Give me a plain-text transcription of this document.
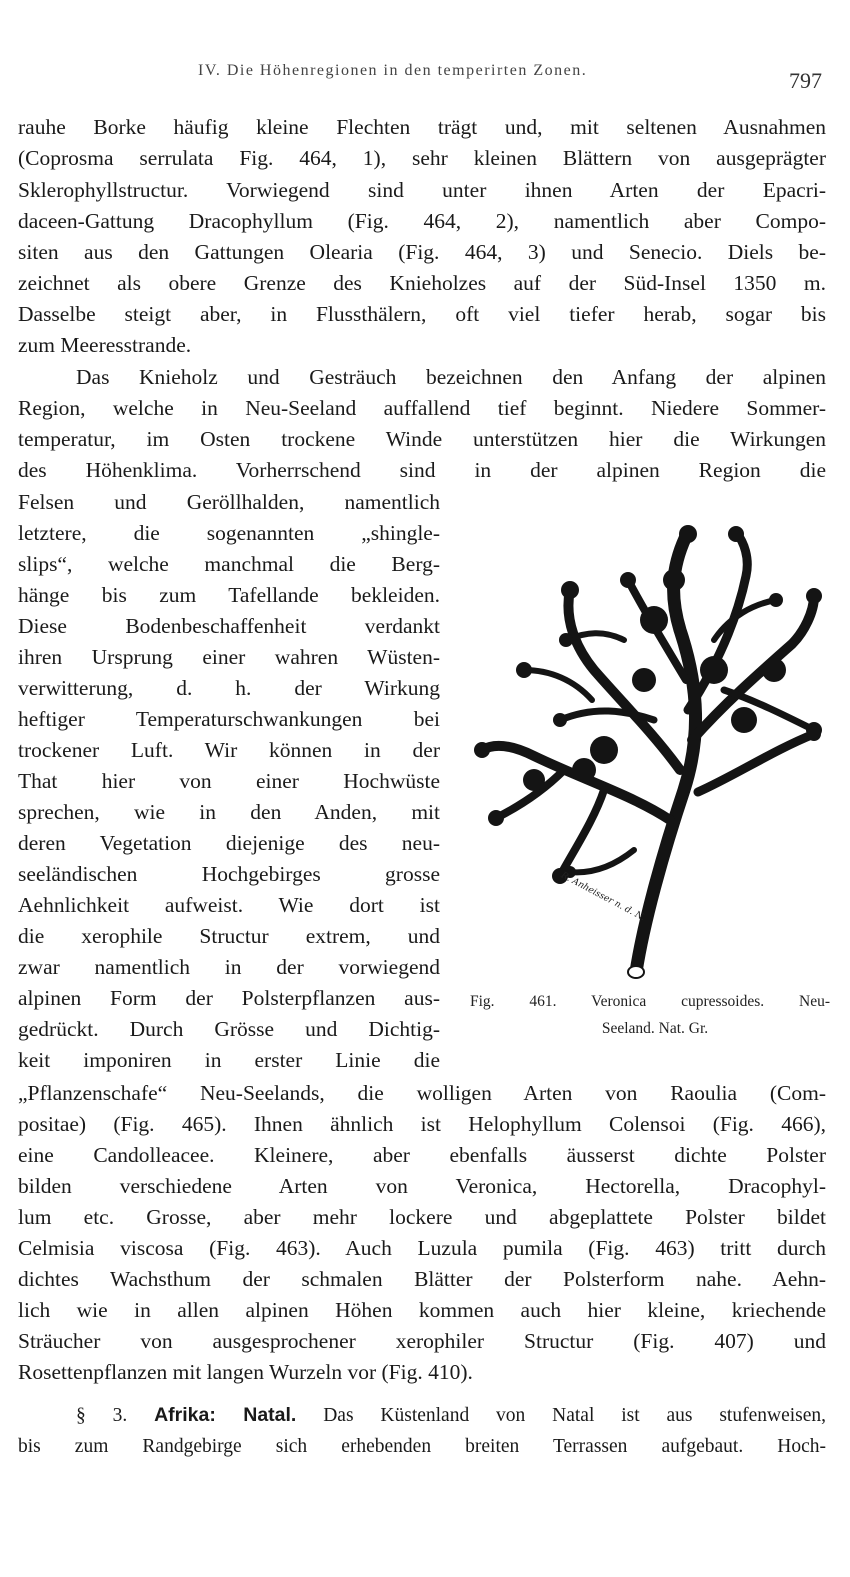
IV. Die Höhenregionen in den temperirten Zonen.	797
rauhe Borke häufig kleine Flechten trägt und, mit seltenen Ausnahmen
(Coprosma serrulata Fig. 464, 1), sehr kleinen Blättern von ausgeprägter
Sklerophyllstructur. Vorwiegend sind unter ihnen Arten der Epacri-
daceen-Gattung Dracophyllum (Fig. 464, 2), namentlich aber Compo-
siten aus den Gattungen Olearia (Fig. 464, 3) und Senecio. Diels be-
zeichnet als obere Grenze des Knieholzes auf der Süd-Insel 1350 m.
Dasselbe steigt aber, in Flussthälern, oft viel tiefer herab, sogar bis
zum Meeresstrande.
Das Knieholz und Gesträuch bezeichnen den Anfang der alpinen
Region, welche in Neu-Seeland auffallend tief beginnt. Niedere Sommer-
temperatur, im Osten trockene Winde unterstützen hier die Wirkungen
des Höhenklima. Vorherrschend sind in der alpinen Region die
Felsen und Geröllhalden, namentlich
letztere, die sogenannten „shingle-
slips“, welche manchmal die Berg-
hänge bis zum Tafellande bekleiden.
Diese Bodenbeschaffenheit verdankt
ihren Ursprung einer wahren Wüsten-
verwitterung, d. h. der Wirkung
heftiger Temperaturschwankungen bei
trockener Luft. Wir können in der
That hier von einer Hochwüste
sprechen, wie in den Anden, mit
deren Vegetation diejenige des neu-
seeländischen Hochgebirges grosse
Aehnlichkeit aufweist. Wie dort ist
die xerophile Structur extrem, und
zwar namentlich in der vorwiegend
alpinen Form der Polsterpflanzen aus-
gedrückt. Durch Grösse und Dichtig-
keit imponiren in erster Linie die
„Pflanzenschafe“ Neu-Seelands, die wolligen Arten von Raoulia (Com-
positae) (Fig. 465). Ihnen ähnlich ist Helophyllum Colensoi (Fig. 466),
eine Candolleacee. Kleinere, aber ebenfalls äusserst dichte Polster
bilden verschiedene Arten von Veronica, Hectorella, Dracophyl-
lum etc. Grosse, aber mehr lockere und abgeplattete Polster bildet
Celmisia viscosa (Fig. 463). Auch Luzula pumila (Fig. 463) tritt durch
dichtes Wachsthum der schmalen Blätter der Polsterform nahe. Aehn-
lich wie in allen alpinen Höhen kommen auch hier kleine, kriechende
Sträucher von ausgesprochener xerophiler Structur (Fig. 407) und
Rosettenpflanzen mit langen Wurzeln vor (Fig. 410).
§ 3. Afrika: Natal. Das Küstenland von Natal ist aus stufenweisen,
bis zum Randgebirge sich erhebenden breiten Terrassen aufgebaut. Hoch-
R. Anheisser n. d. N.
Fig. 461. Veronica cupressoides. Neu-
Seeland. Nat. Gr.
